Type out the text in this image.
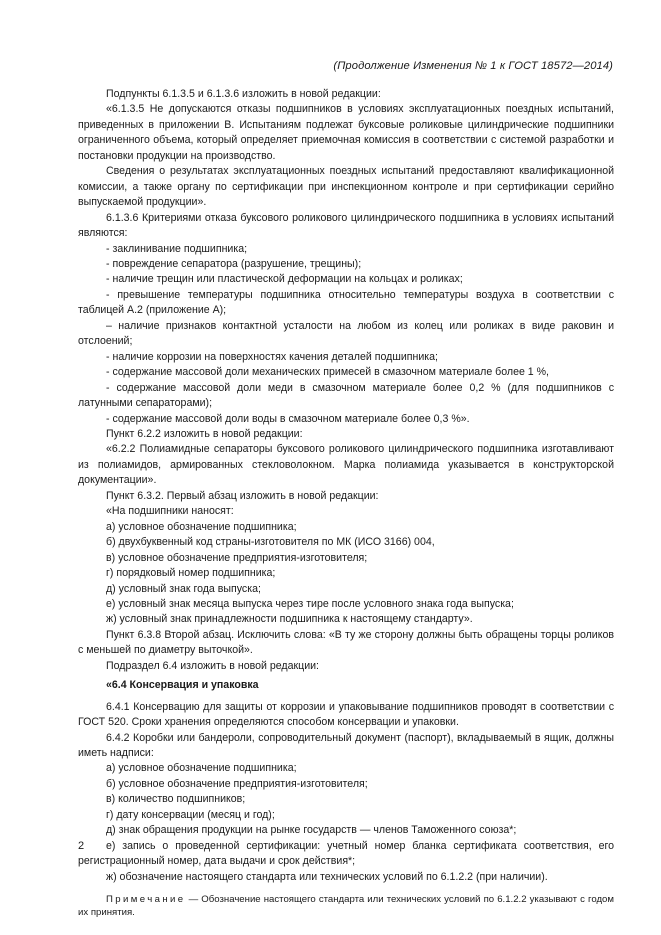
(Продолжение Изменения № 1 к ГОСТ 18572—2014)

Подпункты 6.1.3.5 и 6.1.3.6 изложить в новой редакции:

«6.1.3.5 Не допускаются отказы подшипников в условиях эксплуатационных поездных испытаний, приведенных в приложении В. Испытаниям подлежат буксовые роликовые цилиндрические подшипники ограниченного объема, который определяет приемочная комиссия в соответствии с системой разработки и постановки продукции на производство.

Сведения о результатах эксплуатационных поездных испытаний предоставляют квалификационной комиссии, а также органу по сертификации при инспекционном контроле и при сертификации серийно выпускаемой продукции».

6.1.3.6 Критериями отказа буксового роликового цилиндрического подшипника в условиях испытаний являются:

- заклинивание подшипника;

- повреждение сепаратора (разрушение, трещины);

- наличие трещин или пластической деформации на кольцах и роликах;

- превышение температуры подшипника относительно температуры воздуха в соответствии с таблицей А.2 (приложение А);

– наличие признаков контактной усталости на любом из колец или роликах в виде раковин и отслоений;

- наличие коррозии на поверхностях качения деталей подшипника;

- содержание массовой доли механических примесей в смазочном материале более 1 %,

- содержание массовой доли меди в смазочном материале более 0,2 % (для подшипников с латунными сепараторами);

- содержание массовой доли воды в смазочном материале более 0,3 %».

Пункт 6.2.2 изложить в новой редакции:

«6.2.2 Полиамидные сепараторы буксового роликового цилиндрического подшипника изготавливают из полиамидов, армированных стекловолокном. Марка полиамида указывается в конструкторской документации».

Пункт 6.3.2. Первый абзац изложить в новой редакции:

«На подшипники наносят:

а) условное обозначение подшипника;

б) двухбуквенный код страны-изготовителя по МК (ИСО 3166) 004,

в) условное обозначение предприятия-изготовителя;

г) порядковый номер подшипника;

д) условный знак года выпуска;

е) условный знак месяца выпуска через тире после условного знака года выпуска;

ж) условный знак принадлежности подшипника к настоящему стандарту».

Пункт 6.3.8 Второй абзац. Исключить слова: «В ту же сторону должны быть обращены торцы роликов с меньшей по диаметру выточкой».

Подраздел 6.4 изложить в новой редакции:

«6.4 Консервация и упаковка

6.4.1 Консервацию для защиты от коррозии и упаковывание подшипников проводят в соответствии с ГОСТ 520. Сроки хранения определяются способом консервации и упаковки.

6.4.2 Коробки или бандероли, сопроводительный документ (паспорт), вкладываемый в ящик, должны иметь надписи:

а) условное обозначение подшипника;

б) условное обозначение предприятия-изготовителя;

в) количество подшипников;

г) дату консервации (месяц и год);

д) знак обращения продукции на рынке государств — членов Таможенного союза*;

е) запись о проведенной сертификации: учетный номер бланка сертификата соответствия, его регистрационный номер, дата выдачи и срок действия*;

ж) обозначение настоящего стандарта или технических условий по 6.1.2.2 (при наличии).

Примечание — Обозначение настоящего стандарта или технических условий по 6.1.2.2 указывают с годом их принятия.

2
